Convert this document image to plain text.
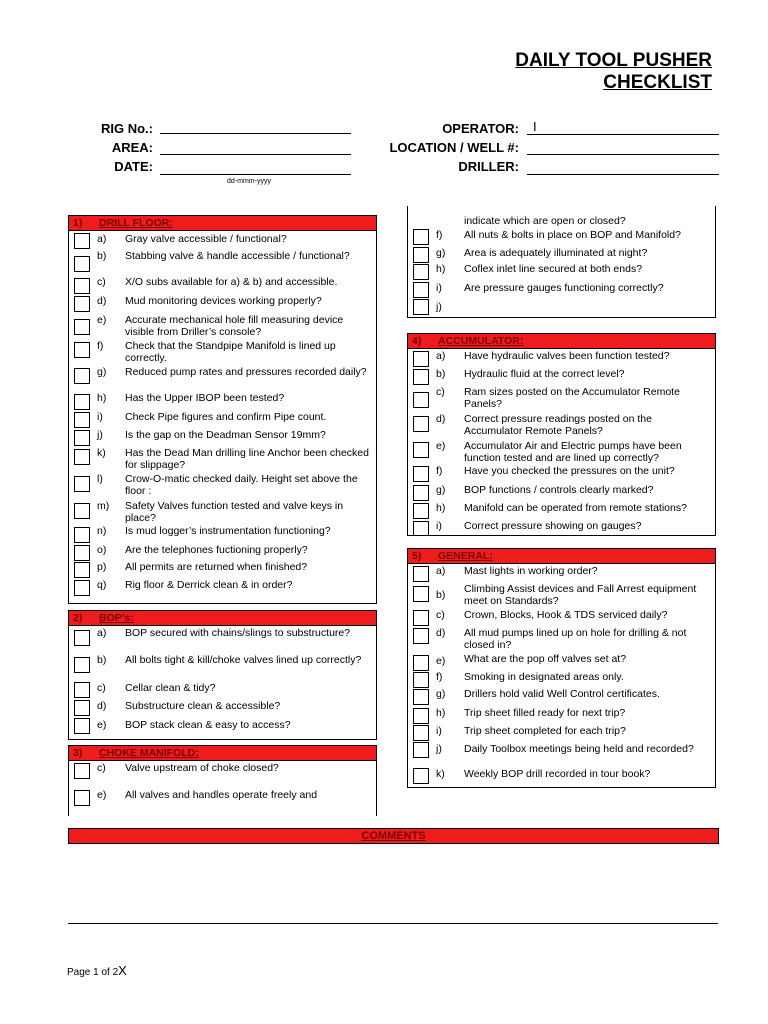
DAILY TOOL PUSHER
CHECKLIST
RIG No.:
AREA:
DATE:
dd-mmm-yyyy
OPERATOR: I
LOCATION / WELL #:
DRILLER:
1) DRILL FLOOR:
a) Gray valve accessible / functional?
b) Stabbing valve & handle accessible / functional?
c) X/O subs available for a) & b) and accessible.
d) Mud monitoring devices working properly?
e) Accurate mechanical hole fill measuring device visible from Driller’s console?
f) Check that the Standpipe Manifold is lined up correctly.
g) Reduced pump rates and pressures recorded daily?
h) Has the Upper IBOP been tested?
i) Check Pipe figures and confirm Pipe count.
j) Is the gap on the Deadman Sensor 19mm?
k) Has the Dead Man drilling line Anchor been checked for slippage?
l) Crow-O-matic checked daily. Height set above the floor :
m) Safety Valves function tested and valve keys in place?
n) Is mud logger’s instrumentation functioning?
o) Are the telephones fuctioning properly?
p) All permits are returned when finished?
q) Rig floor & Derrick clean & in order?
2) BOP’s:
a) BOP secured with chains/slings to substructure?
b) All bolts tight & kill/choke valves lined up correctly?
c) Cellar clean & tidy?
d) Substructure clean & accessible?
e) BOP stack clean & easy to access?
3) CHOKE MANIFOLD:
c) Valve upstream of choke closed?
e) All valves and handles operate freely and
indicate which are open or closed?
f) All nuts & bolts in place on BOP and Manifold?
g) Area is adequately illuminated at night?
h) Coflex inlet line secured at both ends?
i) Are pressure gauges functioning correctly?
j)
4) ACCUMULATOR:
a) Have hydraulic valves been function tested?
b) Hydraulic fluid at the correct level?
c) Ram sizes posted on the Accumulator Remote Panels?
d) Correct pressure readings posted on the Accumulator Remote Panels?
e) Accumulator Air and Electric pumps have been function tested and are lined up correctly?
f) Have you checked the pressures on the unit?
g) BOP functions / controls clearly marked?
h) Manifold can be operated from remote stations?
i) Correct pressure showing on gauges?
5) GENERAL:
a) Mast lights in working order?
b) Climbing Assist devices and Fall Arrest equipment meet on Standards?
c) Crown, Blocks, Hook & TDS serviced daily?
d) All mud pumps lined up on hole for drilling & not closed in?
e) What are the pop off valves set at?
f) Smoking in designated areas only.
g) Drillers hold valid Well Control certificates.
h) Trip sheet filled ready for next trip?
i) Trip sheet completed for each trip?
j) Daily Toolbox meetings being held and recorded?
k) Weekly BOP drill recorded in tour book?
COMMENTS
Page 1 of 2X
